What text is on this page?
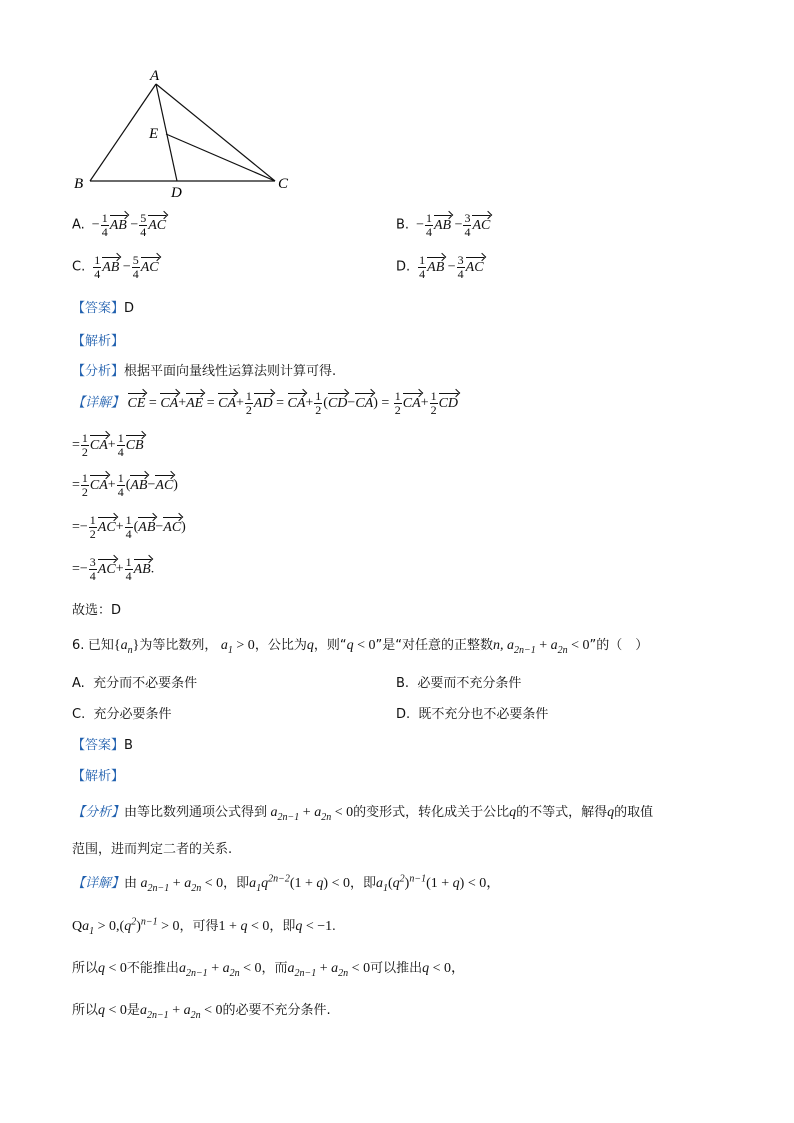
A
B	C
D
E
A. − $\frac{1}{4}$ AB − $\frac{5}{4}$ AC	B. − $\frac{1}{4}$ AB − $\frac{3}{4}$ AC
C. $\frac{1}{4}$ AB − $\frac{5}{4}$ AC	D. $\frac{1}{4}$ AB − $\frac{3}{4}$ AC
【答案】D
【解析】
【分析】根据平面向量线性运算法则计算可得.
【详解】 CE = $CA+AE = CA+ \frac{1}{2}$ AD = $CA+ \frac{1}{2} (CD-CA) = \frac{1}{2} CA+ \frac{1}{2}$ CD
= $\frac{1}{2} CA+ \frac{1}{4}$ CB
= $\frac{1}{2} CA+ \frac{1}{4} (AB-AC)$
=− $\frac{1}{2} AC+ \frac{1}{4} (AB-AC)$
=− $\frac{3}{4} AC+ \frac{1}{4}$ AB.
故选：D
6. 已知$\{a_n\}$为等比数列， $a_1 > 0$，公比为q，则“q < 0”是“对任意的正整数n, $a_{2n-1} + a_{2n} < 0$”的（　）
A. 充分而不必要条件	B. 必要而不充分条件
C. 充分必要条件	D. 既不充分也不必要条件
【答案】B
【解析】
【分析】由等比数列通项公式得到 $a_{2n-1} + a_{2n} < 0$的变形式，转化成关于公比q的不等式，解得q的取值
范围，进而判定二者的关系.
【详解】由 $a_{2n-1} + a_{2n} < 0$，即$a_1q^{2n-2}(1 + q) < 0$，即$a_1(q^2)^{n-1}(1 + q) < 0$，
$Qa_1 > 0,(q^2)^{n-1} > 0$，可得1 + q < 0，即q < −1.
所以q < 0不能推出$a_{2n-1} + a_{2n} < 0$，而$a_{2n-1} + a_{2n} < 0$可以推出q < 0，
所以q < 0是$a_{2n-1} + a_{2n} < 0$的必要不充分条件.
